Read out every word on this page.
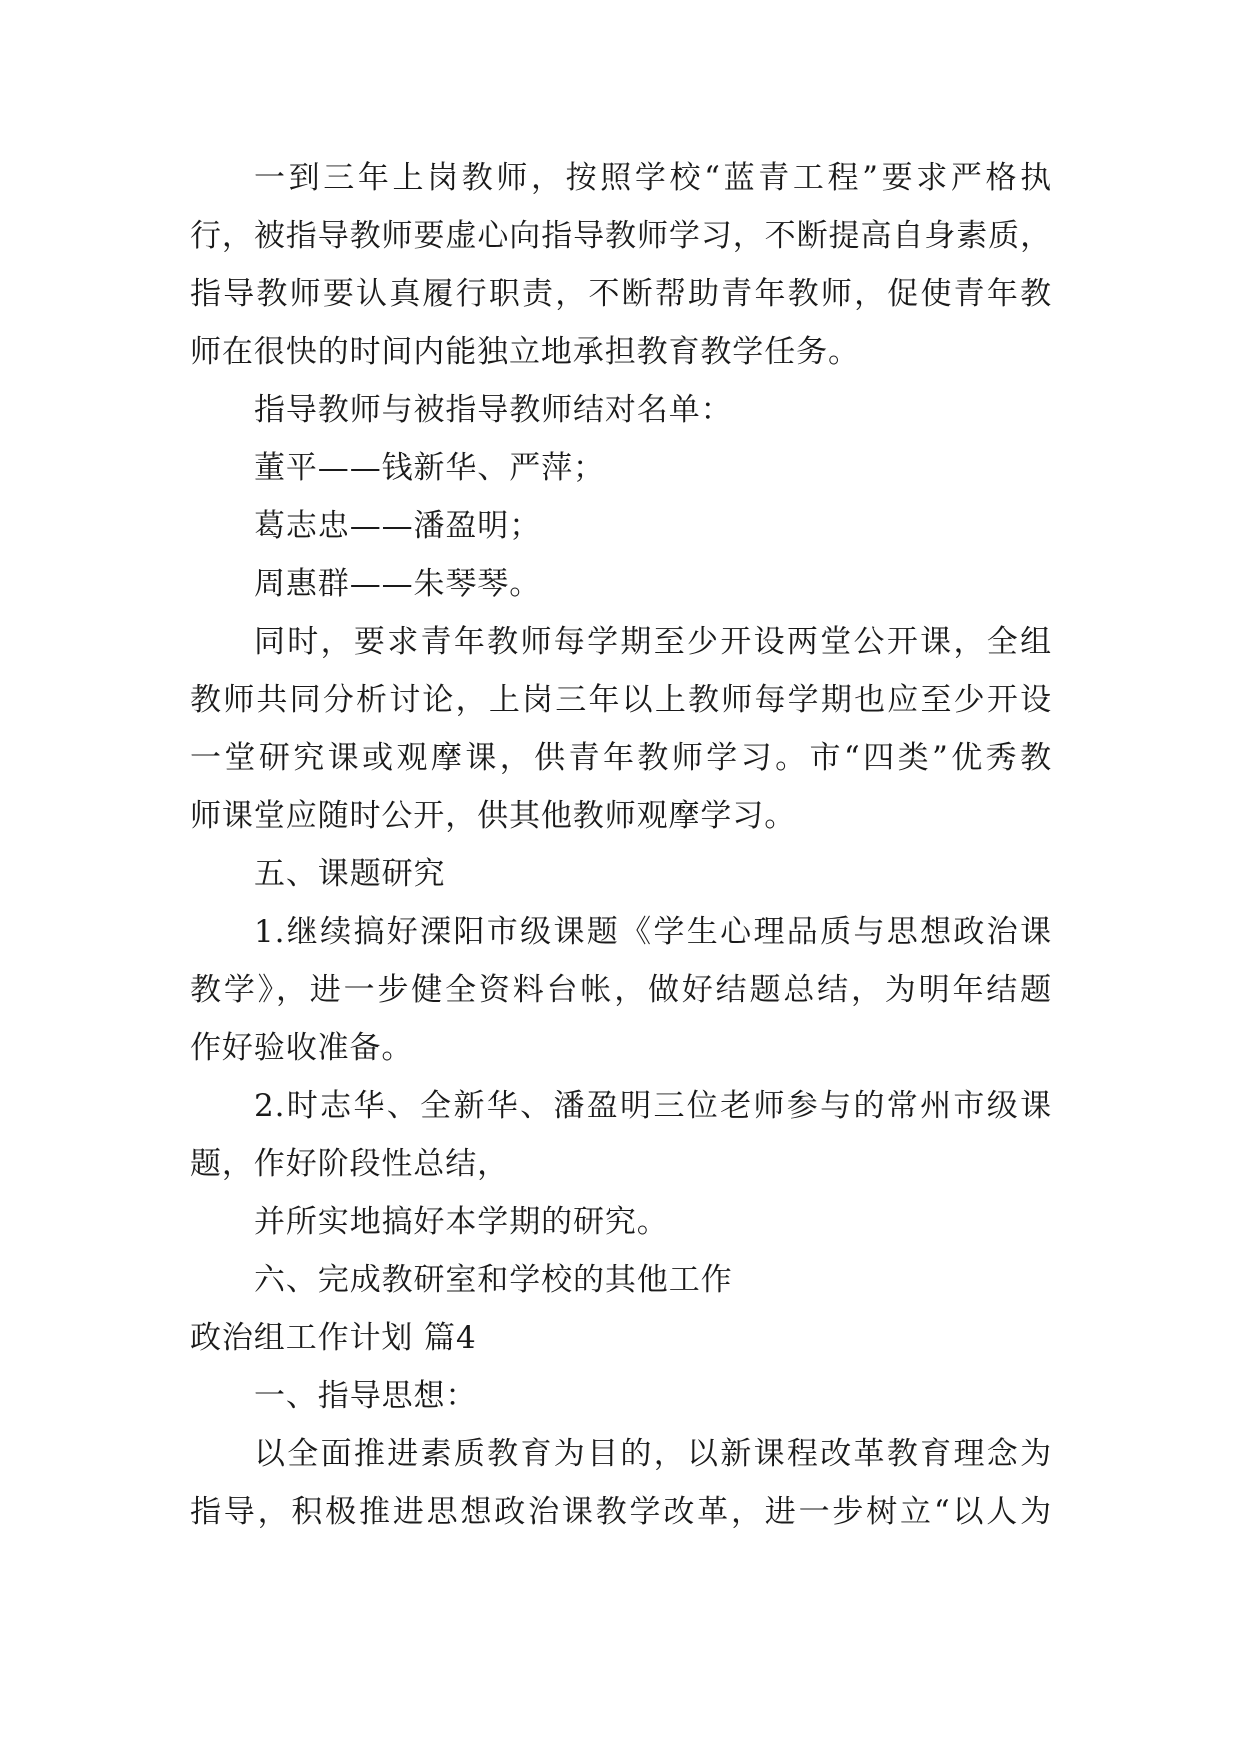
一到三年上岗教师，按照学校“蓝青工程”要求严格执
行，被指导教师要虚心向指导教师学习，不断提高自身素质，
指导教师要认真履行职责，不断帮助青年教师，促使青年教
师在很快的时间内能独立地承担教育教学任务。
指导教师与被指导教师结对名单：
董平——钱新华、严萍；
葛志忠——潘盈明；
周惠群——朱琴琴。
同时，要求青年教师每学期至少开设两堂公开课，全组
教师共同分析讨论，上岗三年以上教师每学期也应至少开设
一堂研究课或观摩课，供青年教师学习。市“四类”优秀教
师课堂应随时公开，供其他教师观摩学习。
五、课题研究
1.继续搞好溧阳市级课题《学生心理品质与思想政治课
教学》，进一步健全资料台帐，做好结题总结，为明年结题
作好验收准备。
2.时志华、全新华、潘盈明三位老师参与的常州市级课
题，作好阶段性总结，
并所实地搞好本学期的研究。
六、完成教研室和学校的其他工作
政治组工作计划 篇4
一、指导思想：
以全面推进素质教育为目的，以新课程改革教育理念为
指导，积极推进思想政治课教学改革，进一步树立“以人为
